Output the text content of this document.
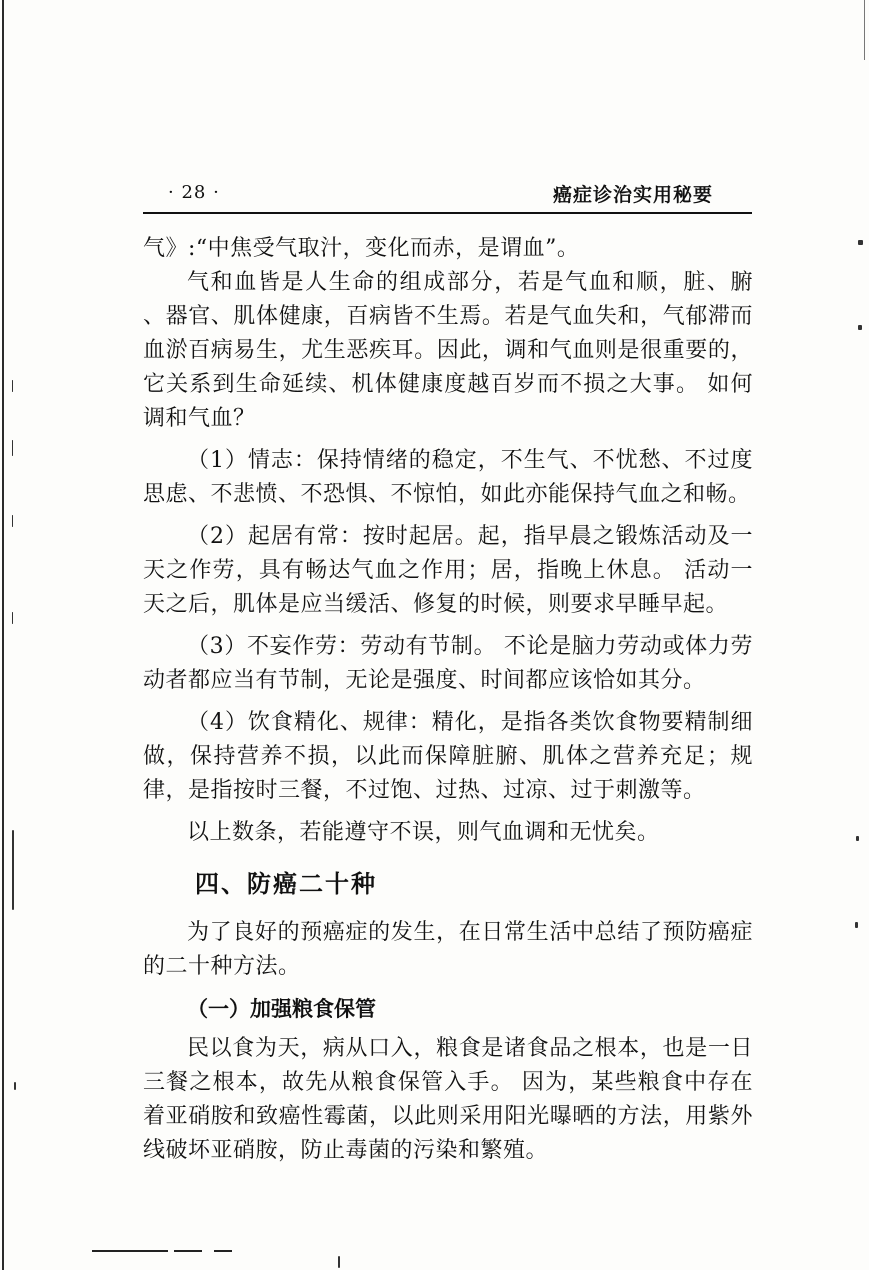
· 28 ·	癌症诊治实用秘要

气》:“中焦受气取汁，变化而赤，是谓血”。

气和血皆是人生命的组成部分，若是气血和顺，脏、腑 、器官、肌体健康，百病皆不生焉。若是气血失和，气郁滞而血淤百病易生，尤生恶疾耳。因此，调和气血则是很重要的，它关系到生命延续、机体健康度越百岁而不损之大事。 如何调和气血？

（1）情志：保持情绪的稳定，不生气、不忧愁、不过度思虑、不悲愤、不恐惧、不惊怕，如此亦能保持气血之和畅。

（2）起居有常：按时起居。起，指早晨之锻炼活动及一天之作劳，具有畅达气血之作用；居，指晚上休息。 活动一天之后，肌体是应当缓活、修复的时候，则要求早睡早起。

（3）不妄作劳：劳动有节制。 不论是脑力劳动或体力劳动者都应当有节制，无论是强度、时间都应该恰如其分。

（4）饮食精化、规律：精化，是指各类饮食物要精制细做，保持营养不损，以此而保障脏腑、肌体之营养充足；规律，是指按时三餐，不过饱、过热、过凉、过于刺激等。

以上数条，若能遵守不误，则气血调和无忧矣。

四、防癌二十种

为了良好的预癌症的发生，在日常生活中总结了预防癌症的二十种方法。

（一）加强粮食保管

民以食为天，病从口入，粮食是诸食品之根本，也是一日三餐之根本，故先从粮食保管入手。 因为，某些粮食中存在着亚硝胺和致癌性霉菌，以此则采用阳光曝晒的方法，用紫外线破坏亚硝胺，防止毒菌的污染和繁殖。
